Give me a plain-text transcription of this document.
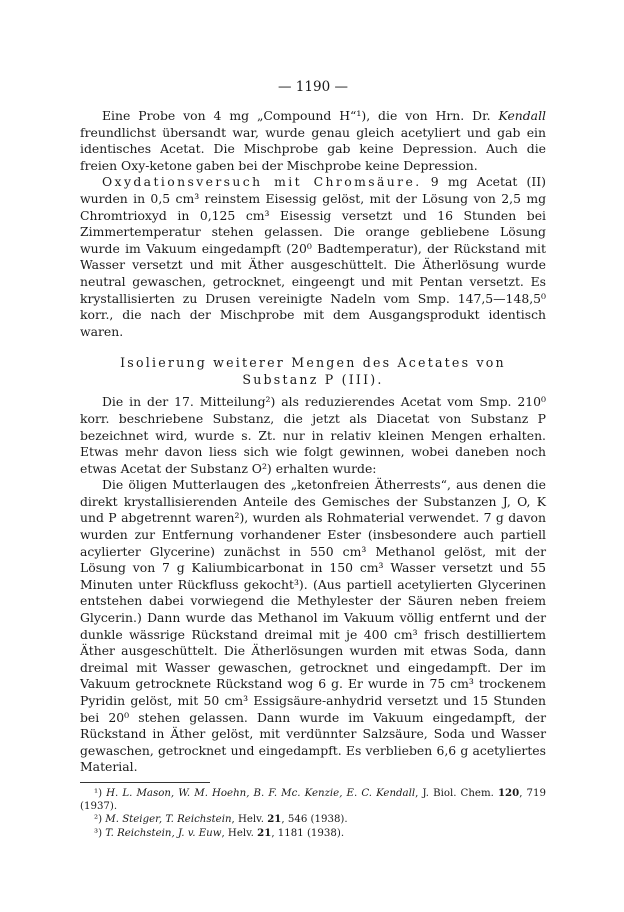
— 1190 —

Eine Probe von 4 mg „Compound H“¹), die von Hrn. Dr. Kendall freundlichst übersandt war, wurde genau gleich acetyliert und gab ein identisches Acetat. Die Mischprobe gab keine Depression. Auch die freien Oxy-ketone gaben bei der Mischprobe keine Depression.

Oxydationsversuch mit Chromsäure. 9 mg Acetat (II) wurden in 0,5 cm³ reinstem Eisessig gelöst, mit der Lösung von 2,5 mg Chromtrioxyd in 0,125 cm³ Eisessig versetzt und 16 Stunden bei Zimmertemperatur stehen gelassen. Die orange gebliebene Lösung wurde im Vakuum eingedampft (20⁰ Badtemperatur), der Rückstand mit Wasser versetzt und mit Äther ausgeschüttelt. Die Ätherlösung wurde neutral gewaschen, getrocknet, eingeengt und mit Pentan versetzt. Es krystallisierten zu Drusen vereinigte Nadeln vom Smp. 147,5—148,5⁰ korr., die nach der Mischprobe mit dem Ausgangsprodukt identisch waren.

Isolierung weiterer Mengen des Acetates von Substanz P (III).

Die in der 17. Mitteilung²) als reduzierendes Acetat vom Smp. 210⁰ korr. beschriebene Substanz, die jetzt als Diacetat von Substanz P bezeichnet wird, wurde s. Zt. nur in relativ kleinen Mengen erhalten. Etwas mehr davon liess sich wie folgt gewinnen, wobei daneben noch etwas Acetat der Substanz O²) erhalten wurde:

Die öligen Mutterlaugen des „ketonfreien Ätherrests“, aus denen die direkt krystallisierenden Anteile des Gemisches der Substanzen J, O, K und P abgetrennt waren²), wurden als Rohmaterial verwendet. 7 g davon wurden zur Entfernung vorhandener Ester (insbesondere auch partiell acylierter Glycerine) zunächst in 550 cm³ Methanol gelöst, mit der Lösung von 7 g Kaliumbicarbonat in 150 cm³ Wasser versetzt und 55 Minuten unter Rückfluss gekocht³). (Aus partiell acetylierten Glycerinen entstehen dabei vorwiegend die Methylester der Säuren neben freiem Glycerin.) Dann wurde das Methanol im Vakuum völlig entfernt und der dunkle wässrige Rückstand dreimal mit je 400 cm³ frisch destilliertem Äther ausgeschüttelt. Die Ätherlösungen wurden mit etwas Soda, dann dreimal mit Wasser gewaschen, getrocknet und eingedampft. Der im Vakuum getrocknete Rückstand wog 6 g. Er wurde in 75 cm³ trockenem Pyridin gelöst, mit 50 cm³ Essigsäure-anhydrid versetzt und 15 Stunden bei 20⁰ stehen gelassen. Dann wurde im Vakuum eingedampft, der Rückstand in Äther gelöst, mit verdünnter Salzsäure, Soda und Wasser gewaschen, getrocknet und eingedampft. Es verblieben 6,6 g acetyliertes Material.

¹) H. L. Mason, W. M. Hoehn, B. F. Mc. Kenzie, E. C. Kendall, J. Biol. Chem. 120, 719 (1937).

²) M. Steiger, T. Reichstein, Helv. 21, 546 (1938).

³) T. Reichstein, J. v. Euw, Helv. 21, 1181 (1938).
